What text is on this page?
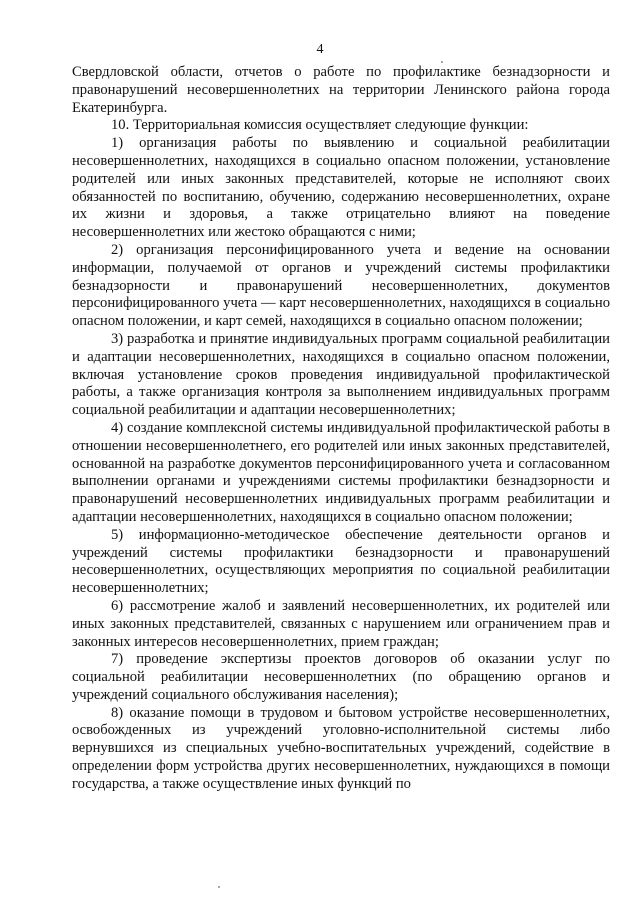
4

Свердловской области, отчетов о работе по профилактике безнадзорности и правонарушений несовершеннолетних на территории Ленинского района города Екатеринбурга.

10. Территориальная комиссия осуществляет следующие функции:

1) организация работы по выявлению и социальной реабилитации несовершеннолетних, находящихся в социально опасном положении, установление родителей или иных законных представителей, которые не исполняют своих обязанностей по воспитанию, обучению, содержанию несовершеннолетних, охране их жизни и здоровья, а также отрицательно влияют на поведение несовершеннолетних или жестоко обращаются с ними;

2) организация персонифицированного учета и ведение на основании информации, получаемой от органов и учреждений системы профилактики безнадзорности и правонарушений несовершеннолетних, документов персонифицированного учета — карт несовершеннолетних, находящихся в социально опасном положении, и карт семей, находящихся в социально опасном положении;

3) разработка и принятие индивидуальных программ социальной реабилитации и адаптации несовершеннолетних, находящихся в социально опасном положении, включая установление сроков проведения индивидуальной профилактической работы, а также организация контроля за выполнением индивидуальных программ социальной реабилитации и адаптации несовершеннолетних;

4) создание комплексной системы индивидуальной профилактической работы в отношении несовершеннолетнего, его родителей или иных законных представителей, основанной на разработке документов персонифицированного учета и согласованном выполнении органами и учреждениями системы профилактики безнадзорности и правонарушений несовершеннолетних индивидуальных программ реабилитации и адаптации несовершеннолетних, находящихся в социально опасном положении;

5) информационно-методическое обеспечение деятельности органов и учреждений системы профилактики безнадзорности и правонарушений несовершеннолетних, осуществляющих мероприятия по социальной реабилитации несовершеннолетних;

6) рассмотрение жалоб и заявлений несовершеннолетних, их родителей или иных законных представителей, связанных с нарушением или ограничением прав и законных интересов несовершеннолетних, прием граждан;

7) проведение экспертизы проектов договоров об оказании услуг по социальной реабилитации несовершеннолетних (по обращению органов и учреждений социального обслуживания населения);

8) оказание помощи в трудовом и бытовом устройстве несовершеннолетних, освобожденных из учреждений уголовно-исполнительной системы либо вернувшихся из специальных учебно-воспитательных учреждений, содействие в определении форм устройства других несовершеннолетних, нуждающихся в помощи государства, а также осуществление иных функций по
